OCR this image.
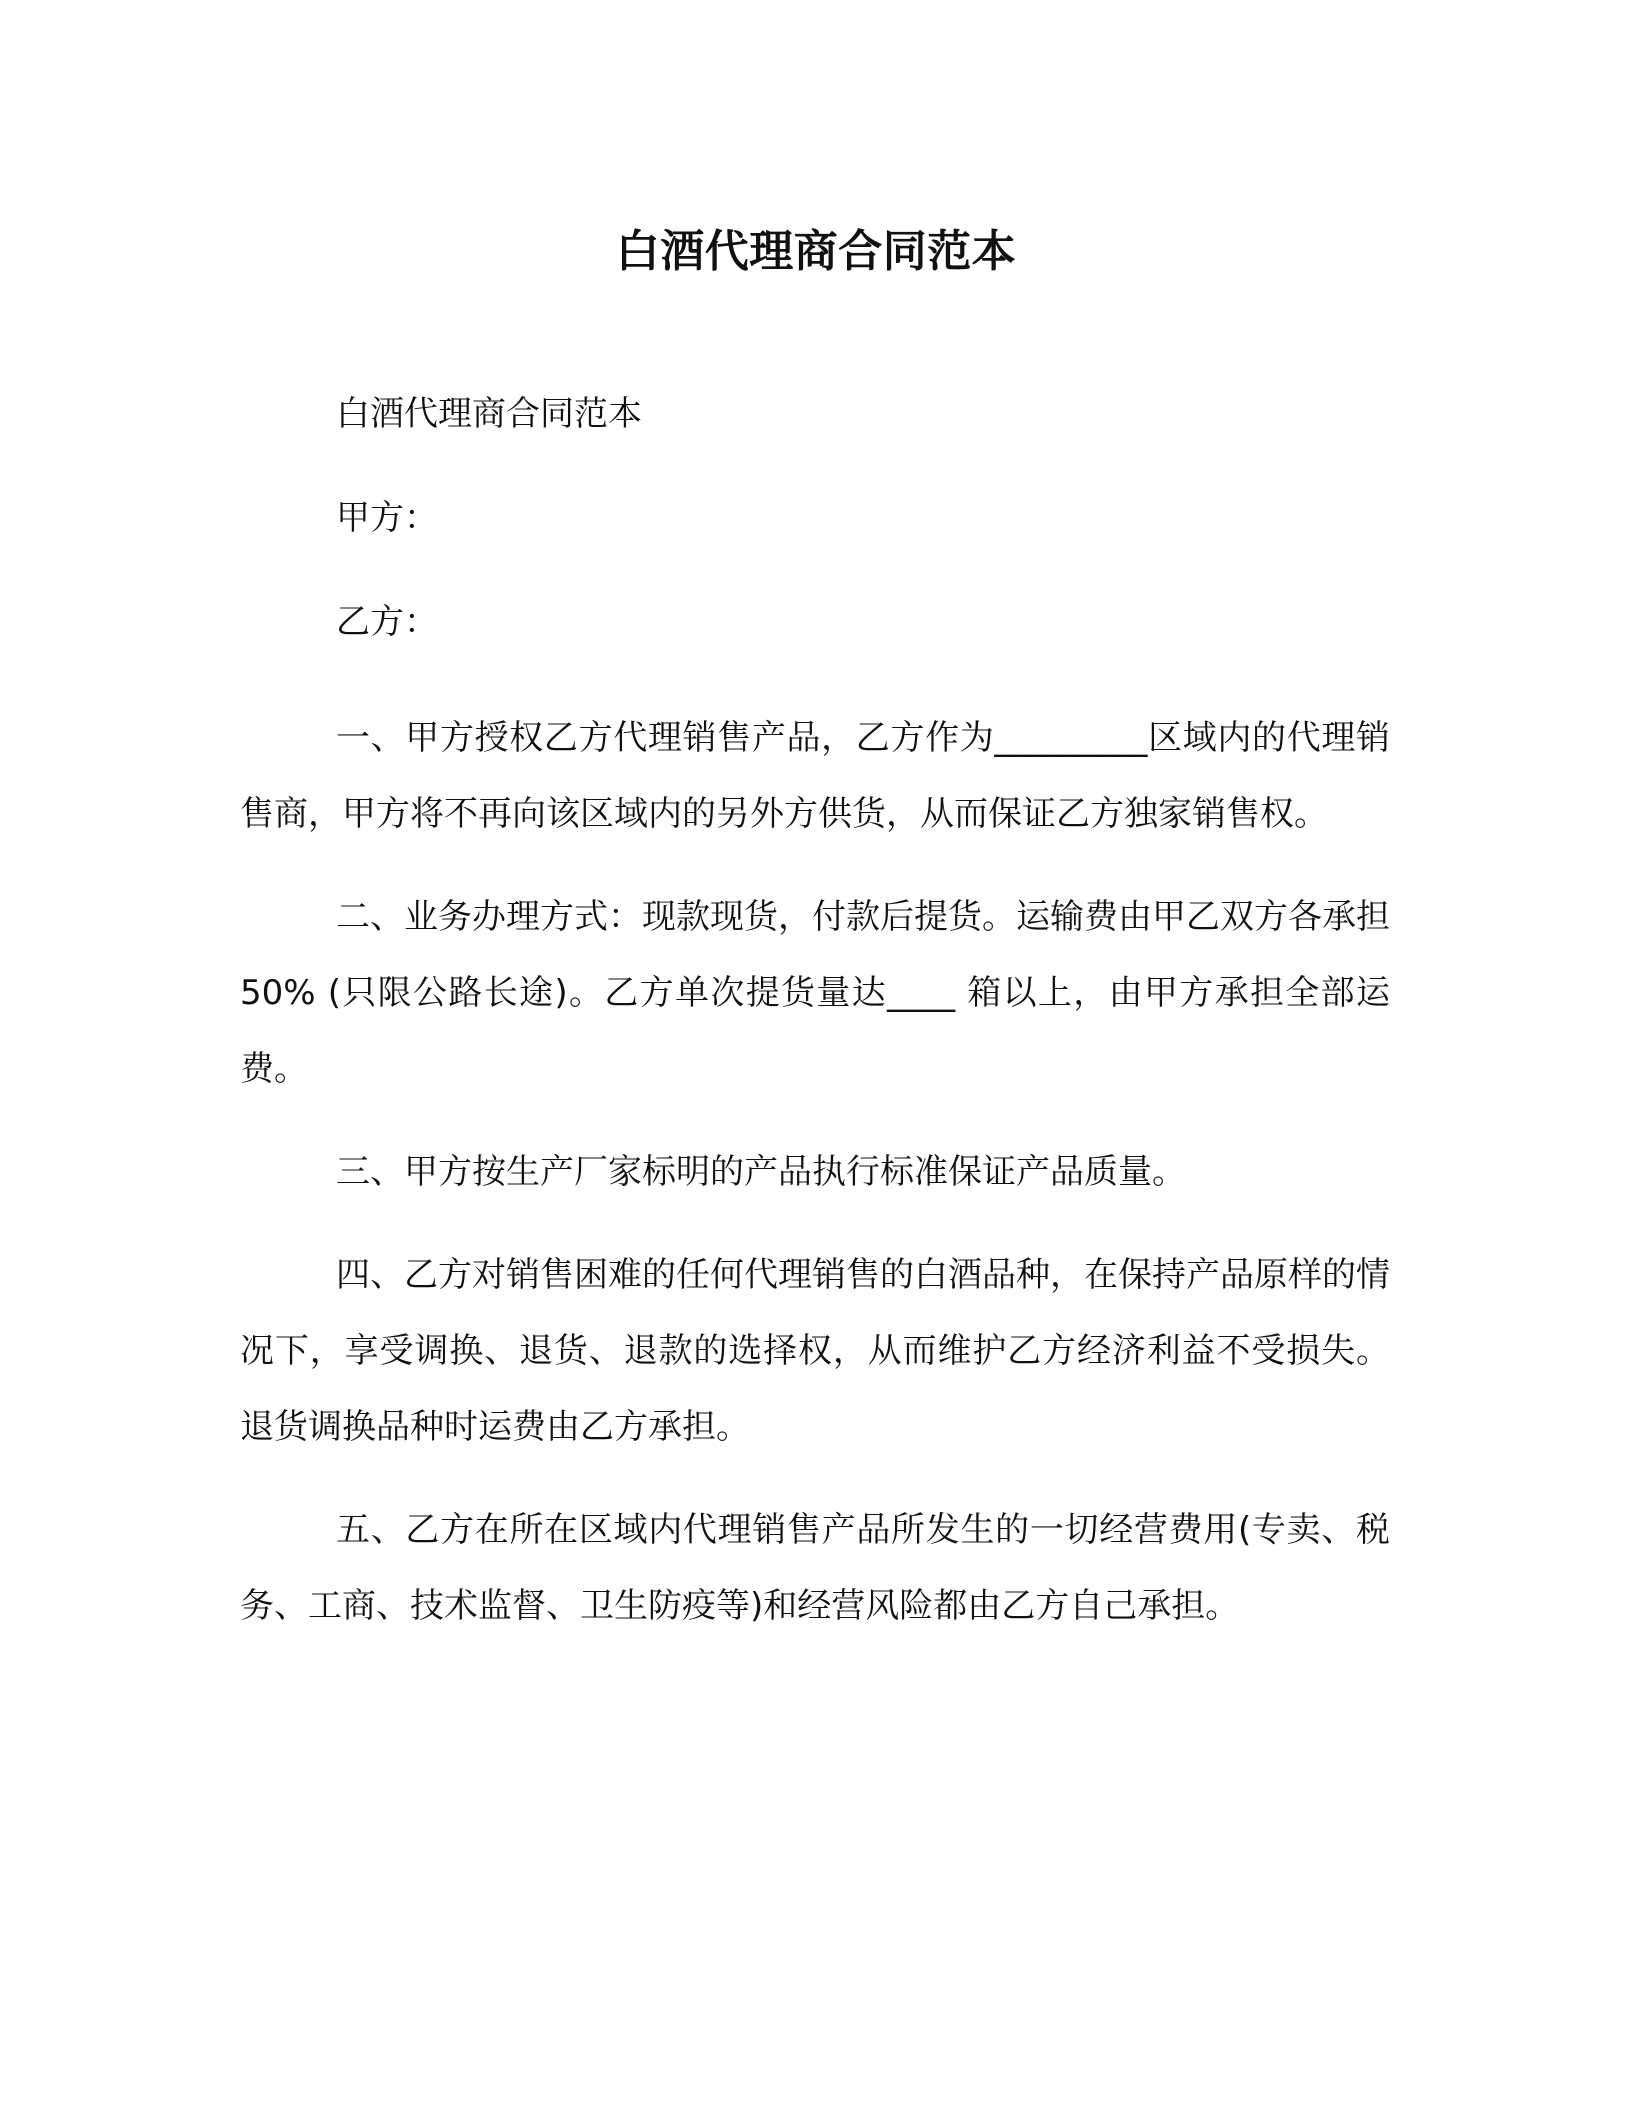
白酒代理商合同范本
白酒代理商合同范本
甲方：
乙方：

一、甲方授权乙方代理销售产品，乙方作为_________区域内的代理销售商，甲方将不再向该区域内的另外方供货，从而保证乙方独家销售权。

二、业务办理方式：现款现货，付款后提货。运输费由甲乙双方各承担 50% (只限公路长途)。乙方单次提货量达____ 箱以上，由甲方承担全部运费。

三、甲方按生产厂家标明的产品执行标准保证产品质量。

四、乙方对销售困难的任何代理销售的白酒品种，在保持产品原样的情况下，享受调换、退货、退款的选择权，从而维护乙方经济利益不受损失。退货调换品种时运费由乙方承担。

五、乙方在所在区域内代理销售产品所发生的一切经营费用(专卖、税务、工商、技术监督、卫生防疫等)和经营风险都由乙方自己承担。
